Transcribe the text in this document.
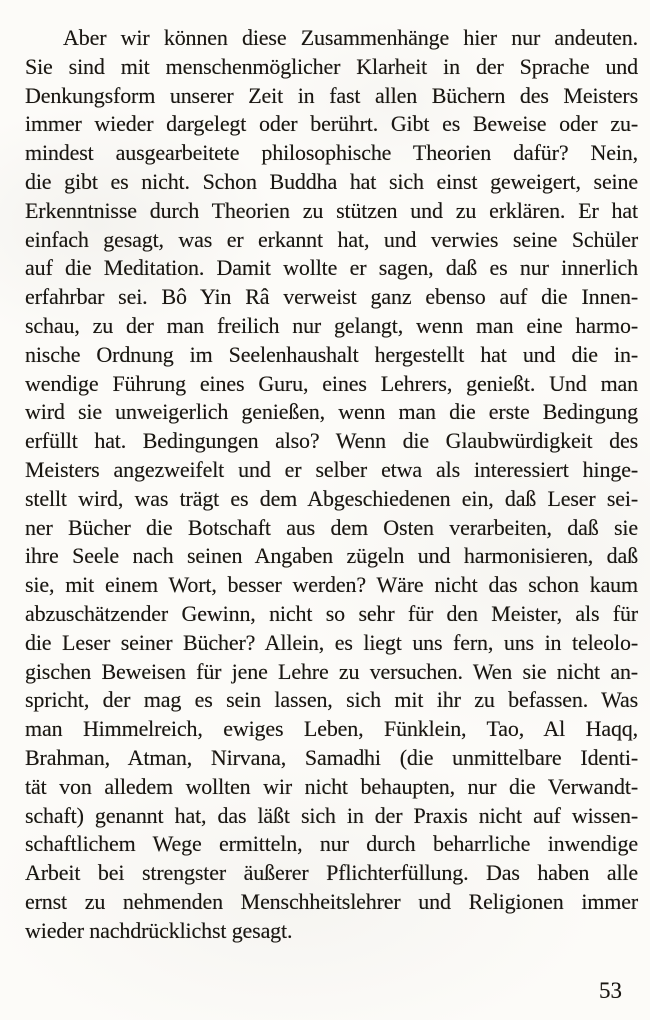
Aber wir können diese Zusammenhänge hier nur andeuten.
Sie sind mit menschenmöglicher Klarheit in der Sprache und
Denkungsform unserer Zeit in fast allen Büchern des Meisters
immer wieder dargelegt oder berührt. Gibt es Beweise oder zu-
mindest ausgearbeitete philosophische Theorien dafür? Nein,
die gibt es nicht. Schon Buddha hat sich einst geweigert, seine
Erkenntnisse durch Theorien zu stützen und zu erklären. Er hat
einfach gesagt, was er erkannt hat, und verwies seine Schüler
auf die Meditation. Damit wollte er sagen, daß es nur innerlich
erfahrbar sei. Bô Yin Râ verweist ganz ebenso auf die Innen-
schau, zu der man freilich nur gelangt, wenn man eine harmo-
nische Ordnung im Seelenhaushalt hergestellt hat und die in-
wendige Führung eines Guru, eines Lehrers, genießt. Und man
wird sie unweigerlich genießen, wenn man die erste Bedingung
erfüllt hat. Bedingungen also? Wenn die Glaubwürdigkeit des
Meisters angezweifelt und er selber etwa als interessiert hinge-
stellt wird, was trägt es dem Abgeschiedenen ein, daß Leser sei-
ner Bücher die Botschaft aus dem Osten verarbeiten, daß sie
ihre Seele nach seinen Angaben zügeln und harmonisieren, daß
sie, mit einem Wort, besser werden? Wäre nicht das schon kaum
abzuschätzender Gewinn, nicht so sehr für den Meister, als für
die Leser seiner Bücher? Allein, es liegt uns fern, uns in teleolo-
gischen Beweisen für jene Lehre zu versuchen. Wen sie nicht an-
spricht, der mag es sein lassen, sich mit ihr zu befassen. Was
man Himmelreich, ewiges Leben, Fünklein, Tao, Al Haqq,
Brahman, Atman, Nirvana, Samadhi (die unmittelbare Identi-
tät von alledem wollten wir nicht behaupten, nur die Verwandt-
schaft) genannt hat, das läßt sich in der Praxis nicht auf wissen-
schaftlichem Wege ermitteln, nur durch beharrliche inwendige
Arbeit bei strengster äußerer Pflichterfüllung. Das haben alle
ernst zu nehmenden Menschheitslehrer und Religionen immer
wieder nachdrücklichst gesagt.
53
